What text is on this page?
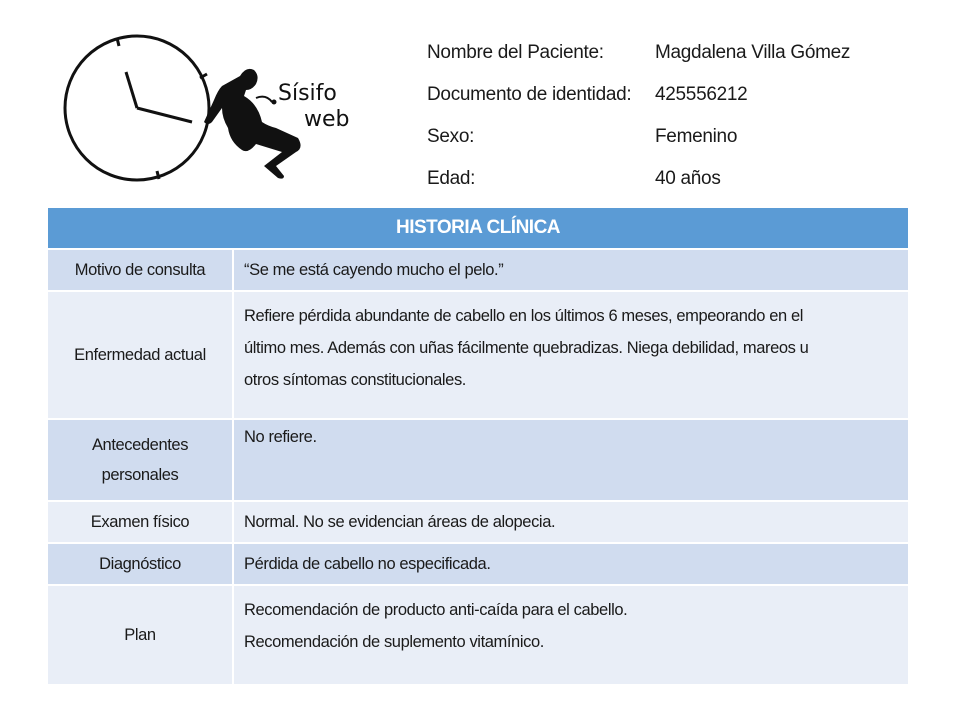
Sísifo
web
Nombre del Paciente:	Magdalena Villa Gómez
Documento de identidad:	425556212
Sexo:	Femenino
Edad:	40 años
HISTORIA CLÍNICA	
Motivo de consulta	“Se me está cayendo mucho el pelo.”
Enfermedad actual	Refiere pérdida abundante de cabello en los últimos 6 meses, empeorando en el
último mes. Además con uñas fácilmente quebradizas. Niega debilidad, mareos u
otros síntomas constitucionales.

Antecedentes
personales	No refiere.
Examen físico	Normal. No se evidencian áreas de alopecia.
Diagnóstico	Pérdida de cabello no especificada.
Plan	Recomendación de producto anti-caída para el cabello.
Recomendación de suplemento vitamínico.
